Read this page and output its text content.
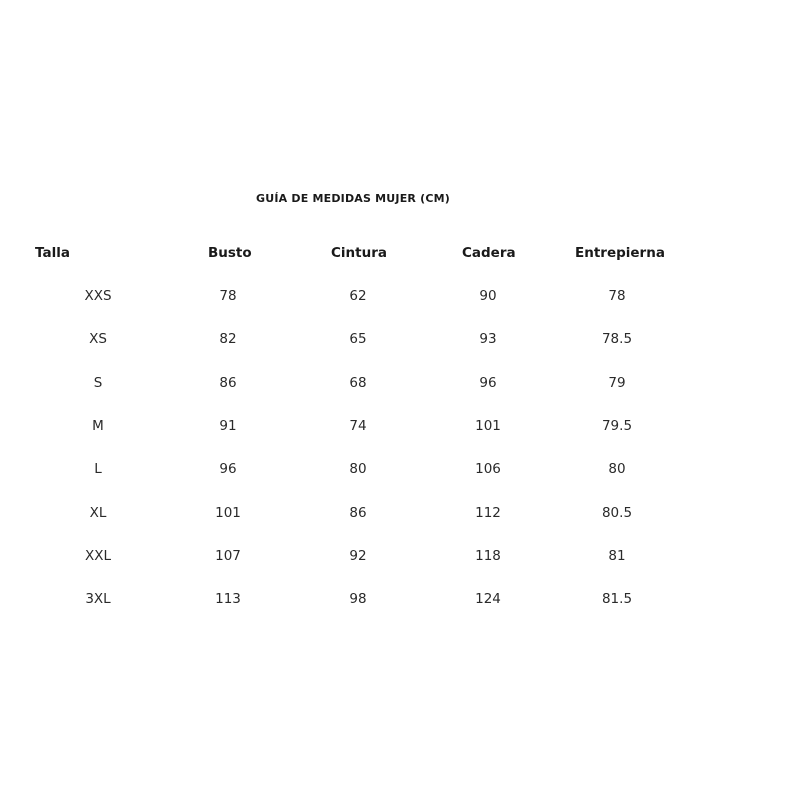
GUÍA DE MEDIDAS MUJER (CM)
Talla	Busto	Cintura	Cadera	Entrepierna
XXS	78	62	90	78
XS	82	65	93	78.5
S	86	68	96	79
M	91	74	101	79.5
L	96	80	106	80
XL	101	86	112	80.5
XXL	107	92	118	81
3XL	113	98	124	81.5
